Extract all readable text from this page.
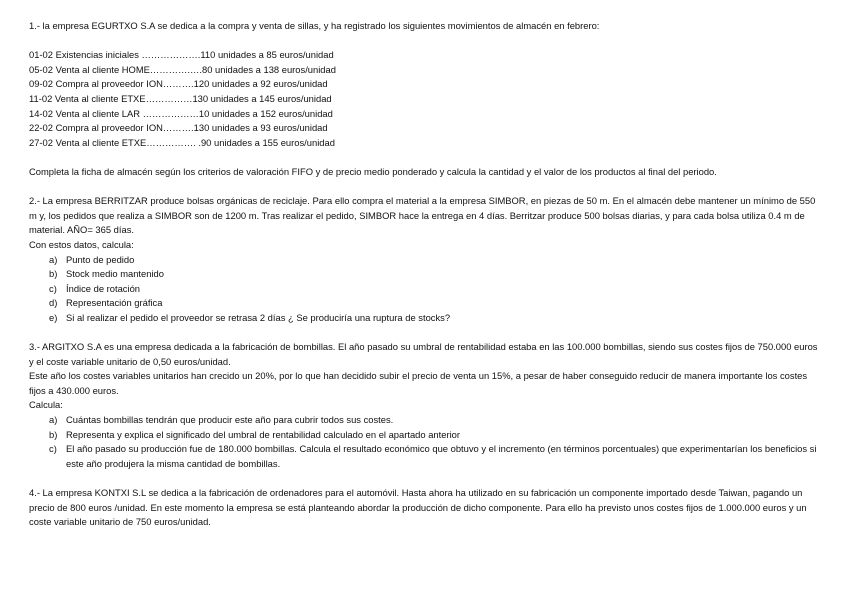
1.- la empresa EGURTXO S.A se dedica a la compra y venta de sillas, y ha registrado los siguientes movimientos de almacén en febrero:

01-02 Existencias iniciales ……………….110 unidades a 85 euros/unidad

05-02 Venta al cliente HOME………….….80 unidades a 138 euros/unidad

09-02 Compra al proveedor ION……….120 unidades a 92 euros/unidad

11-02 Venta al cliente ETXE……………130 unidades a 145 euros/unidad

14-02 Venta al cliente LAR ………………10 unidades a 152 euros/unidad

22-02 Compra al proveedor ION……….130 unidades a 93 euros/unidad

27-02 Venta al cliente ETXE……………. .90 unidades a 155 euros/unidad

Completa la ficha de almacén según los criterios de valoración FIFO y de precio medio ponderado y calcula la cantidad y el valor de los productos al final del periodo.

2.- La empresa BERRITZAR produce bolsas orgánicas de reciclaje. Para ello compra el material a la empresa SIMBOR, en piezas de 50 m. En el almacén debe mantener un mínimo de 550 m y, los pedidos que realiza a SIMBOR son de 1200 m. Tras realizar el pedido, SIMBOR hace la entrega en 4 días. Berritzar produce 500 bolsas diarias, y para cada bolsa utiliza 0.4 m de material. AÑO= 365 días.

Con estos datos, calcula:

a) Punto de pedido
b) Stock medio mantenido
c) Índice de rotación
d) Representación gráfica
e) Si al realizar el pedido el proveedor se retrasa 2 días ¿ Se produciría una ruptura de stocks?

3.- ARGITXO S.A es una empresa dedicada a la fabricación de bombillas. El año pasado su umbral de rentabilidad estaba en las 100.000 bombillas, siendo sus costes fijos de 750.000 euros y el coste variable unitario de 0,50 euros/unidad.

Este año los costes variables unitarios han crecido un 20%, por lo que han decidido subir el precio de venta un 15%, a pesar de haber conseguido reducir de manera importante los costes fijos a 430.000 euros.

Calcula:

a) Cuántas bombillas tendrán que producir este año para cubrir todos sus costes.
b) Representa y explica el significado del umbral de rentabilidad calculado en el apartado anterior
c) El año pasado su producción fue de 180.000 bombillas. Calcula el resultado económico que obtuvo y el incremento (en términos porcentuales) que experimentarían los beneficios si este año produjera la misma cantidad de bombillas.

4.- La empresa KONTXI S.L se dedica a la fabricación de ordenadores para el automóvil. Hasta ahora ha utilizado en su fabricación un componente importado desde Taiwan, pagando un precio de 800 euros /unidad. En este momento la empresa se está planteando abordar la producción de dicho componente. Para ello ha previsto unos costes fijos de 1.000.000 euros y un coste variable unitario de 750 euros/unidad.
